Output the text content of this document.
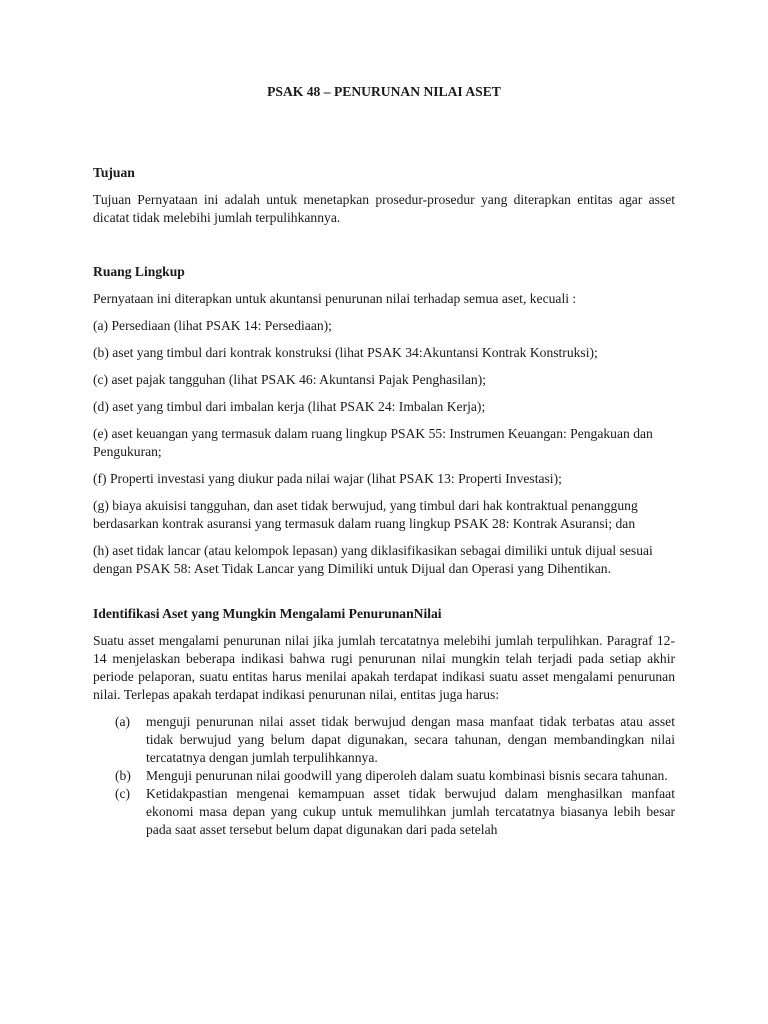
PSAK 48 – PENURUNAN NILAI ASET

Tujuan

Tujuan Pernyataan ini adalah untuk menetapkan prosedur-prosedur yang diterapkan entitas agar asset dicatat tidak melebihi jumlah terpulihkannya.

Ruang Lingkup

Pernyataan ini diterapkan untuk akuntansi penurunan nilai terhadap semua aset, kecuali :

(a) Persediaan (lihat PSAK 14: Persediaan);

(b) aset yang timbul dari kontrak konstruksi (lihat PSAK 34:Akuntansi Kontrak Konstruksi);

(c) aset pajak tangguhan (lihat PSAK 46: Akuntansi Pajak Penghasilan);

(d) aset yang timbul dari imbalan kerja (lihat PSAK 24: Imbalan Kerja);

(e) aset keuangan yang termasuk dalam ruang lingkup PSAK 55: Instrumen Keuangan: Pengakuan dan Pengukuran;

(f) Properti investasi yang diukur pada nilai wajar (lihat PSAK 13: Properti Investasi);

(g) biaya akuisisi tangguhan, dan aset tidak berwujud, yang timbul dari hak kontraktual penanggung berdasarkan kontrak asuransi yang termasuk dalam ruang lingkup PSAK 28: Kontrak Asuransi; dan

(h) aset tidak lancar (atau kelompok lepasan) yang diklasifikasikan sebagai dimiliki untuk dijual sesuai dengan PSAK 58: Aset Tidak Lancar yang Dimiliki untuk Dijual dan Operasi yang Dihentikan.

Identifikasi Aset yang Mungkin Mengalami PenurunanNilai

Suatu asset mengalami penurunan nilai jika jumlah tercatatnya melebihi jumlah terpulihkan. Paragraf 12-14 menjelaskan beberapa indikasi bahwa rugi penurunan nilai mungkin telah terjadi pada setiap akhir periode pelaporan, suatu entitas harus menilai apakah terdapat indikasi suatu asset mengalami penurunan nilai. Terlepas apakah terdapat indikasi penurunan nilai, entitas juga harus:

(a)	menguji penurunan nilai asset tidak berwujud dengan masa manfaat tidak terbatas atau asset tidak berwujud yang belum dapat digunakan, secara tahunan, dengan membandingkan nilai tercatatnya dengan jumlah terpulihkannya.
(b)	Menguji penurunan nilai goodwill yang diperoleh dalam suatu kombinasi bisnis secara tahunan.
(c)	Ketidakpastian mengenai kemampuan asset tidak berwujud dalam menghasilkan manfaat ekonomi masa depan yang cukup untuk memulihkan jumlah tercatatnya biasanya lebih besar pada saat asset tersebut belum dapat digunakan dari pada setelah
